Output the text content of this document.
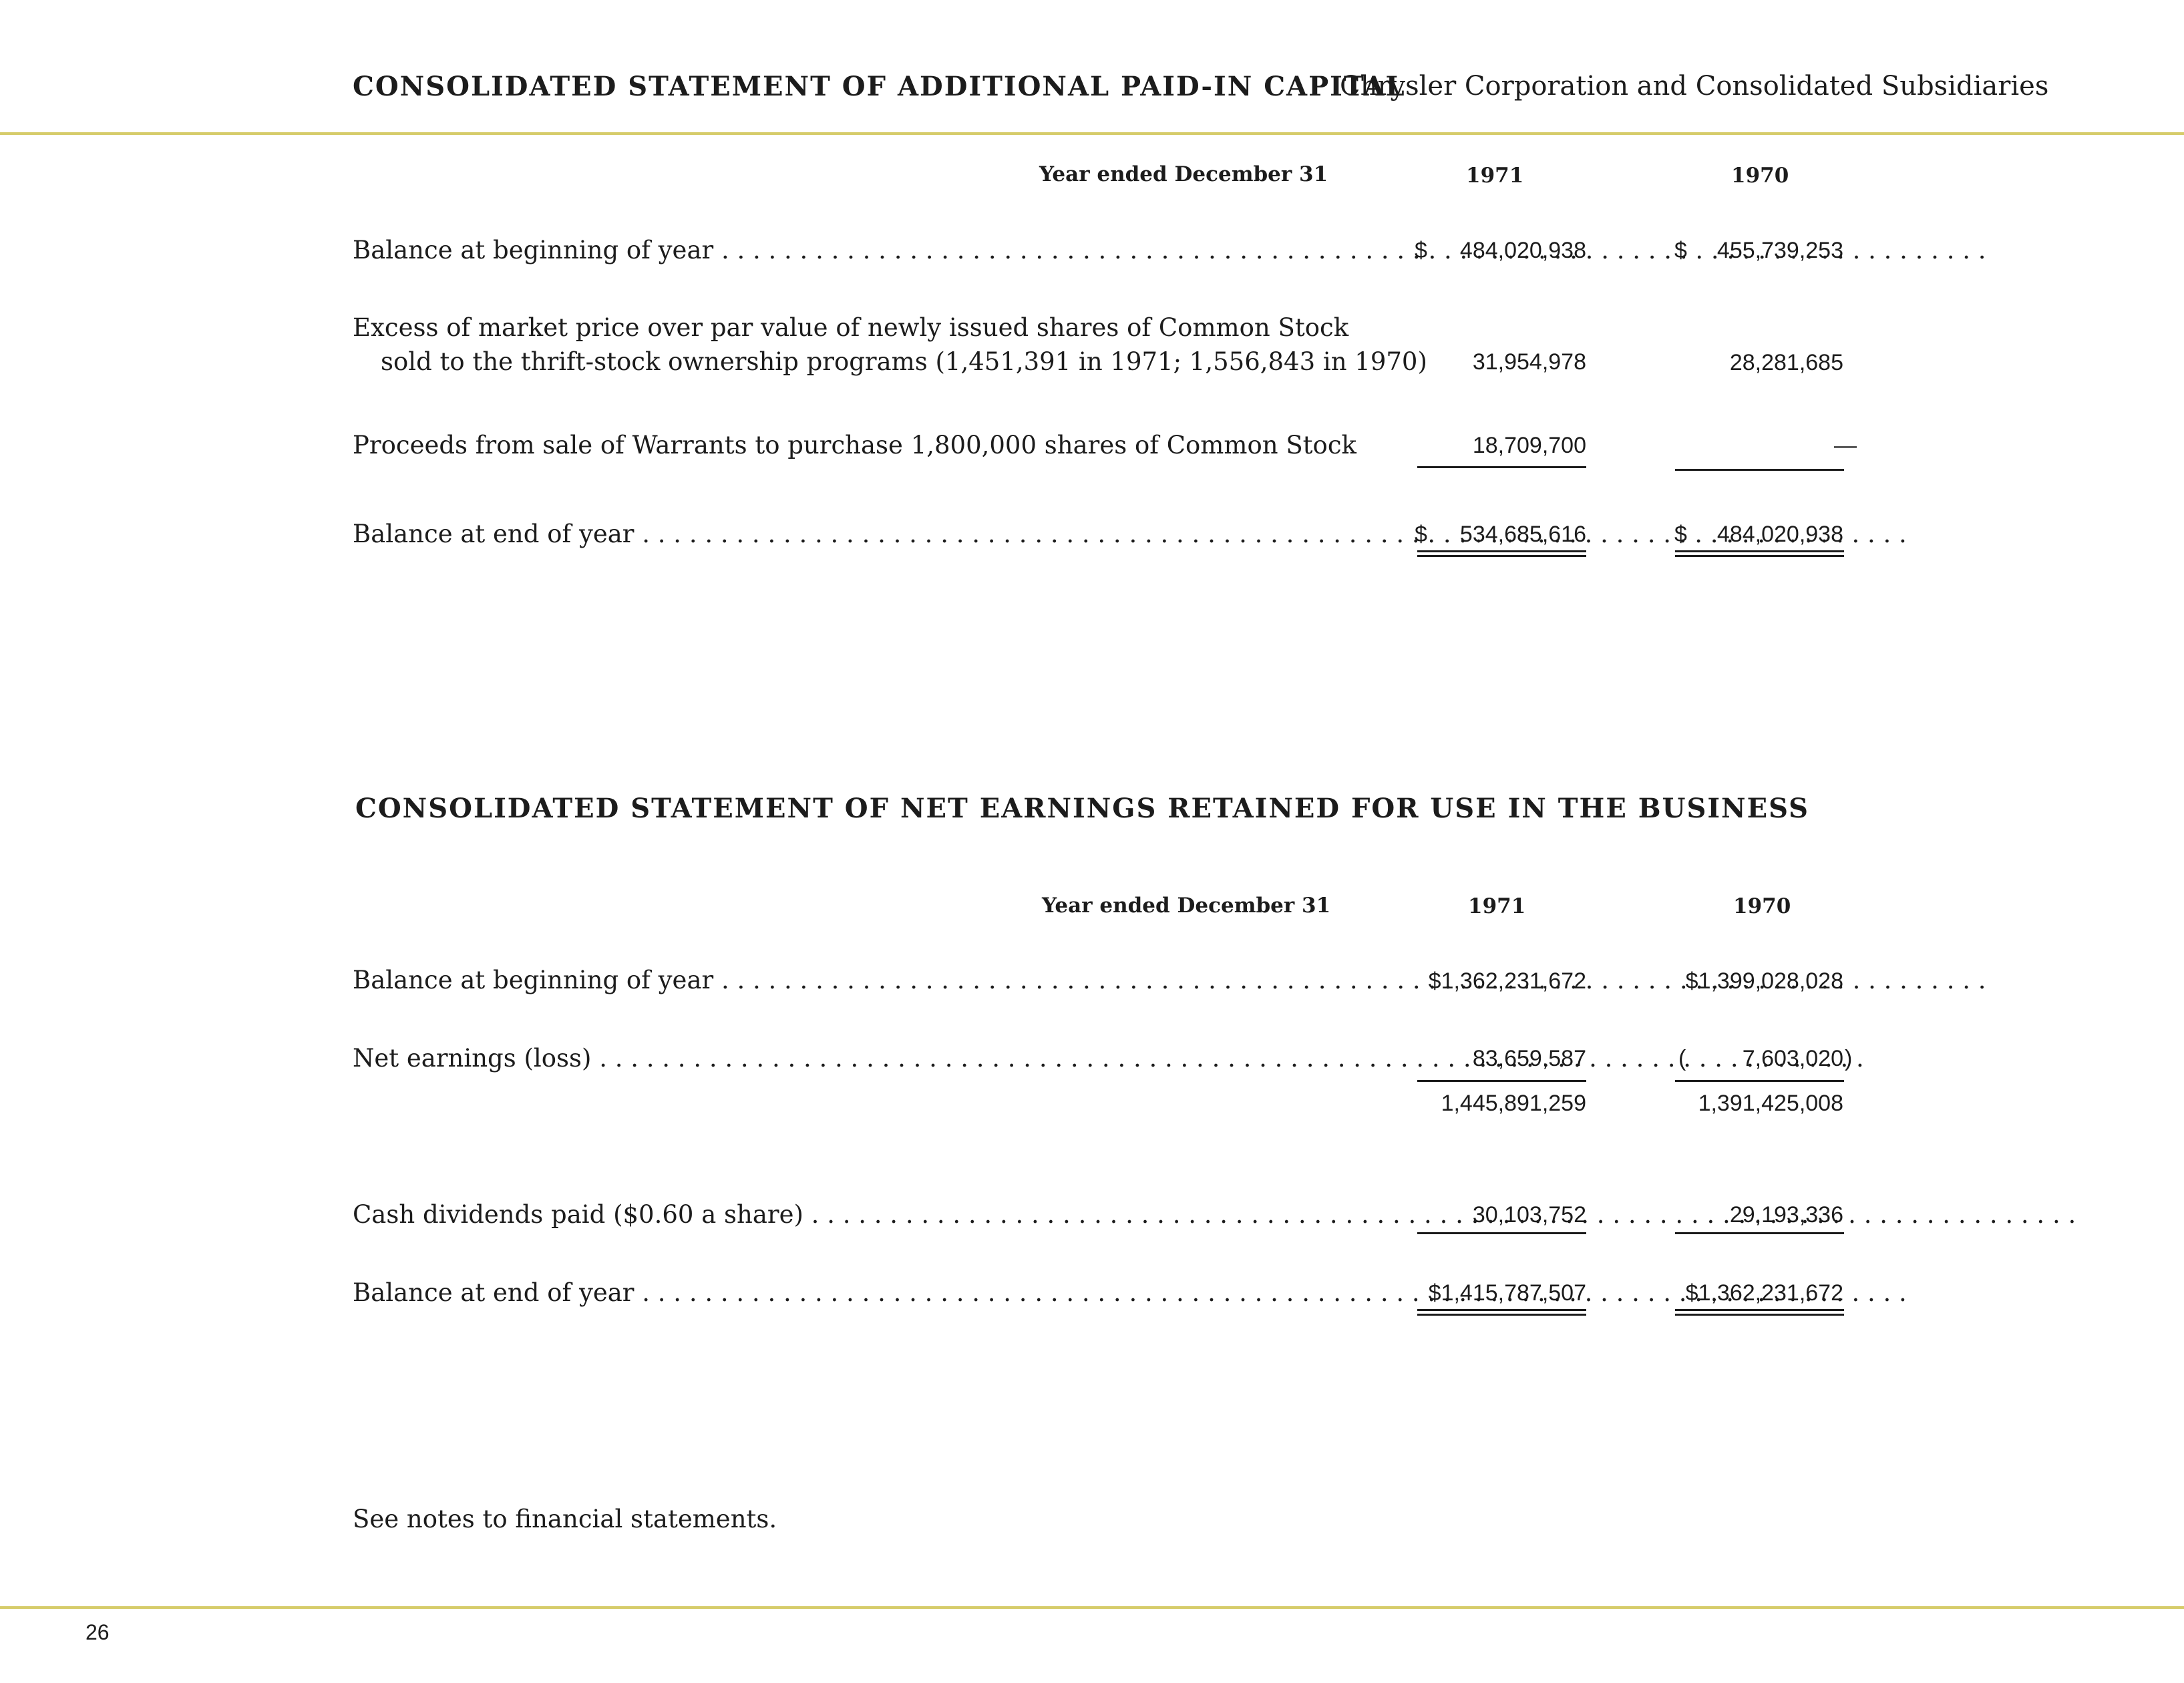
CONSOLIDATED STATEMENT OF ADDITIONAL PAID-IN CAPITAL
Chrysler Corporation and Consolidated Subsidiaries
Year ended December 31	1971	1970
Balance at beginning of year . . .	$	484,020,938	$	455,739,253
Excess of market price over par value of newly issued shares of Common Stock
sold to the thrift-stock ownership programs (1,451,391 in 1971; 1,556,843 in 1970)	31,954,978	28,281,685
Proceeds from sale of Warrants to purchase 1,800,000 shares of Common Stock	18,709,700	—
Balance at end of year . . .	$	534,685,616	$	484,020,938
CONSOLIDATED STATEMENT OF NET EARNINGS RETAINED FOR USE IN THE BUSINESS
Year ended December 31	1971	1970
Balance at beginning of year . . .	$1,362,231,672	$1,399,028,028
Net earnings (loss) . . .	83,659,587	(	7,603,020 )
1,445,891,259	1,391,425,008
Cash dividends paid ($0.60 a share) . . .	30,103,752	29,193,336
Balance at end of year . . .	$1,415,787,507	$1,362,231,672
See notes to financial statements.
26
